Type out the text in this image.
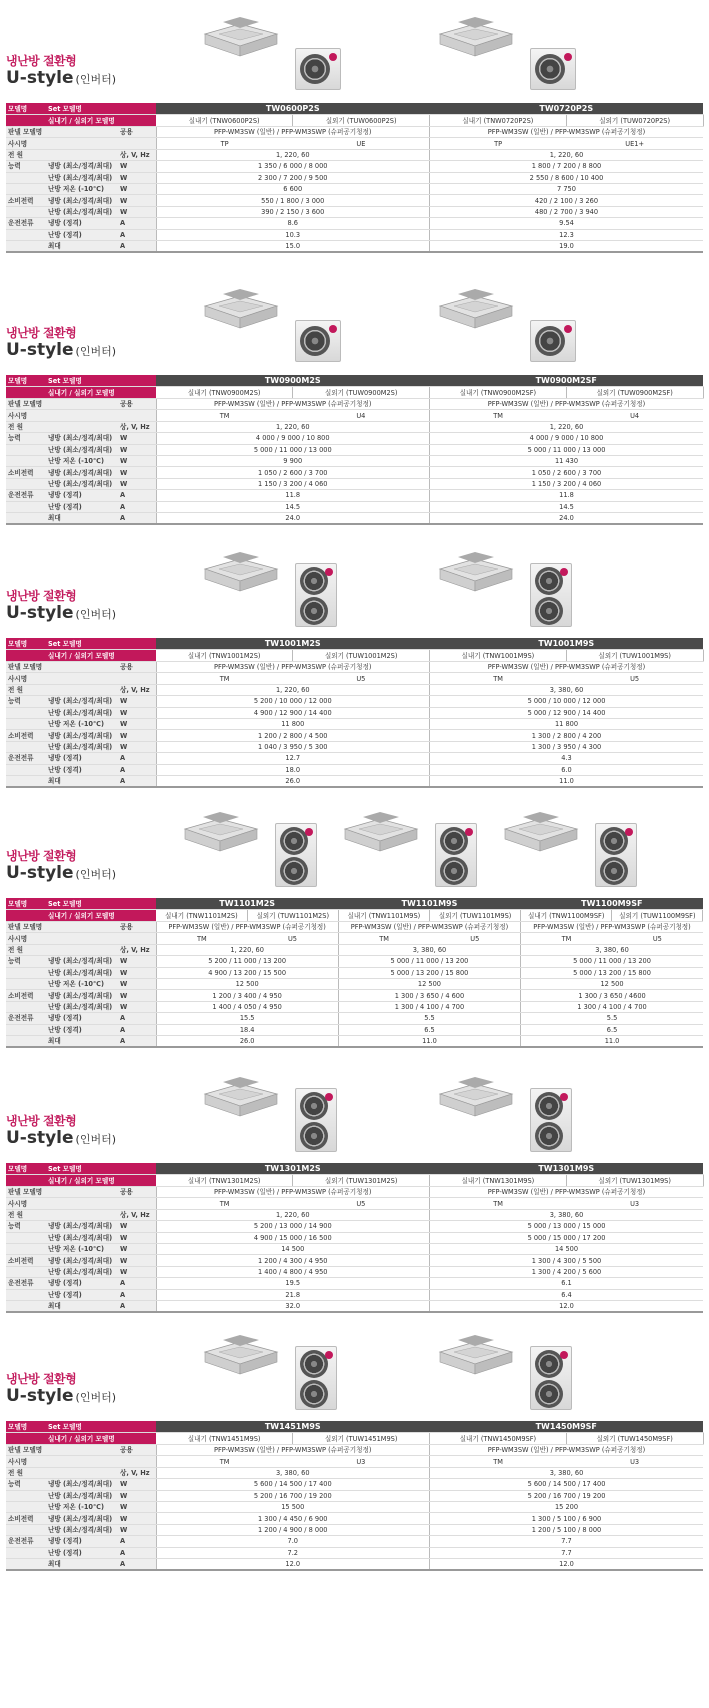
냉난방 절환형
U-style (인버터)
모델명	Set 모델명		TW0600P2S		TW0720P2S	
	실내기 / 실외기 모델명		실내기 (TNW0600P2S)	실외기 (TUW0600P2S)	실내기 (TNW0720P2S)	실외기 (TUW0720P2S)
판넬 모델명		공용	PFP-WM3SW (일반) / PFP-WM3SWP (슈퍼공기청정)		PFP-WM3SW (일반) / PFP-WM3SWP (슈퍼공기청정)	
사시명			TP	UE	TP	UE1+
전 원		상, V, Hz	1, 220, 60		1, 220, 60	
능력	냉방 (최소/정격/최대)	W	1 350 / 6 000 / 8 000		1 800 / 7 200 / 8 800	
	난방 (최소/정격/최대)	W	2 300 / 7 200 / 9 500		2 550 / 8 600 / 10 400	
	난방 저온 (-10℃)	W	6 600		7 750	
소비전력	냉방 (최소/정격/최대)	W	550 / 1 800 / 3 000		420 / 2 100 / 3 260	
	난방 (최소/정격/최대)	W	390 / 2 150 / 3 600		480 / 2 700 / 3 940	
운전전류	냉방 (정격)	A	8.6		9.54	
	난방 (정격)	A	10.3		12.3	
	최대	A	15.0		19.0	
냉난방 절환형
U-style (인버터)
모델명	Set 모델명		TW0900M2S		TW0900M2SF	
	실내기 / 실외기 모델명		실내기 (TNW0900M2S)	실외기 (TUW0900M2S)	실내기 (TNW0900M2SF)	실외기 (TUW0900M2SF)
판넬 모델명		공용	PFP-WM3SW (일반) / PFP-WM3SWP (슈퍼공기청정)		PFP-WM3SW (일반) / PFP-WM3SWP (슈퍼공기청정)	
사시명			TM	U4	TM	U4
전 원		상, V, Hz	1, 220, 60		1, 220, 60	
능력	냉방 (최소/정격/최대)	W	4 000 / 9 000 / 10 800		4 000 / 9 000 / 10 800	
	난방 (최소/정격/최대)	W	5 000 / 11 000 / 13 000		5 000 / 11 000 / 13 000	
	난방 저온 (-10℃)	W	9 900		11 430	
소비전력	냉방 (최소/정격/최대)	W	1 050 / 2 600 / 3 700		1 050 / 2 600 / 3 700	
	난방 (최소/정격/최대)	W	1 150 / 3 200 / 4 060		1 150 / 3 200 / 4 060	
운전전류	냉방 (정격)	A	11.8		11.8	
	난방 (정격)	A	14.5		14.5	
	최대	A	24.0		24.0	
냉난방 절환형
U-style (인버터)
모델명	Set 모델명		TW1001M2S		TW1001M9S	
	실내기 / 실외기 모델명		실내기 (TNW1001M2S)	실외기 (TUW1001M2S)	실내기 (TNW1001M9S)	실외기 (TUW1001M9S)
판넬 모델명		공용	PFP-WM3SW (일반) / PFP-WM3SWP (슈퍼공기청정)		PFP-WM3SW (일반) / PFP-WM3SWP (슈퍼공기청정)	
사시명			TM	U5	TM	U5
전 원		상, V, Hz	1, 220, 60		3, 380, 60	
능력	냉방 (최소/정격/최대)	W	5 200 / 10 000 / 12 000		5 000 / 10 000 / 12 000	
	난방 (최소/정격/최대)	W	4 900 / 12 900 / 14 400		5 000 / 12 900 / 14 400	
	난방 저온 (-10℃)	W	11 800		11 800	
소비전력	냉방 (최소/정격/최대)	W	1 200 / 2 800 / 4 500		1 300 / 2 800 / 4 200	
	난방 (최소/정격/최대)	W	1 040 / 3 950 / 5 300		1 300 / 3 950 / 4 300	
운전전류	냉방 (정격)	A	12.7		4.3	
	난방 (정격)	A	18.0		6.0	
	최대	A	26.0		11.0	
냉난방 절환형
U-style (인버터)
모델명	Set 모델명		TW1101M2S		TW1101M9S		TW1100M9SF	
	실내기 / 실외기 모델명		실내기 (TNW1101M2S)	실외기 (TUW1101M2S)	실내기 (TNW1101M9S)	실외기 (TUW1101M9S)	실내기 (TNW1100M9SF)	실외기 (TUW1100M9SF)
판넬 모델명		공용	PFP-WM3SW (일반) / PFP-WM3SWP (슈퍼공기청정)		PFP-WM3SW (일반) / PFP-WM3SWP (슈퍼공기청정)		PFP-WM3SW (일반) / PFP-WM3SWP (슈퍼공기청정)	
사시명			TM	U5	TM	U5	TM	U5
전 원		상, V, Hz	1, 220, 60		3, 380, 60		3, 380, 60	
능력	냉방 (최소/정격/최대)	W	5 200 / 11 000 / 13 200		5 000 / 11 000 / 13 200		5 000 / 11 000 / 13 200	
	난방 (최소/정격/최대)	W	4 900 / 13 200 / 15 500		5 000 / 13 200 / 15 800		5 000 / 13 200 / 15 800	
	난방 저온 (-10℃)	W	12 500		12 500		12 500	
소비전력	냉방 (최소/정격/최대)	W	1 200 / 3 400 / 4 950		1 300 / 3 650 / 4 600		1 300 / 3 650 / 4600	
	난방 (최소/정격/최대)	W	1 400 / 4 050 / 4 950		1 300 / 4 100 / 4 700		1 300 / 4 100 / 4 700	
운전전류	냉방 (정격)	A	15.5		5.5		5.5	
	난방 (정격)	A	18.4		6.5		6.5	
	최대	A	26.0		11.0		11.0	
냉난방 절환형
U-style (인버터)
모델명	Set 모델명		TW1301M2S		TW1301M9S	
	실내기 / 실외기 모델명		실내기 (TNW1301M2S)	실외기 (TUW1301M2S)	실내기 (TNW1301M9S)	실외기 (TUW1301M9S)
판넬 모델명		공용	PFP-WM3SW (일반) / PFP-WM3SWP (슈퍼공기청정)		PFP-WM3SW (일반) / PFP-WM3SWP (슈퍼공기청정)	
사시명			TM	U5	TM	U3
전 원		상, V, Hz	1, 220, 60		3, 380, 60	
능력	냉방 (최소/정격/최대)	W	5 200 / 13 000 / 14 900		5 000 / 13 000 / 15 000	
	난방 (최소/정격/최대)	W	4 900 / 15 000 / 16 500		5 000 / 15 000 / 17 200	
	난방 저온 (-10℃)	W	14 500		14 500	
소비전력	냉방 (최소/정격/최대)	W	1 200 / 4 300 / 4 950		1 300 / 4 300 / 5 500	
	난방 (최소/정격/최대)	W	1 400 / 4 800 / 4 950		1 300 / 4 200 / 5 600	
운전전류	냉방 (정격)	A	19.5		6.1	
	난방 (정격)	A	21.8		6.4	
	최대	A	32.0		12.0	
냉난방 절환형
U-style (인버터)
모델명	Set 모델명		TW1451M9S		TW1450M9SF	
	실내기 / 실외기 모델명		실내기 (TNW1451M9S)	실외기 (TUW1451M9S)	실내기 (TNW1450M9SF)	실외기 (TUW1450M9SF)
판넬 모델명		공용	PFP-WM3SW (일반) / PFP-WM3SWP (슈퍼공기청정)		PFP-WM3SW (일반) / PFP-WM3SWP (슈퍼공기청정)	
사시명			TM	U3	TM	U3
전 원		상, V, Hz	3, 380, 60		3, 380, 60	
능력	냉방 (최소/정격/최대)	W	5 600 / 14 500 / 17 400		5 600 / 14 500 / 17 400	
	난방 (최소/정격/최대)	W	5 200 / 16 700 / 19 200		5 200 / 16 700 / 19 200	
	난방 저온 (-10℃)	W	15 500		15 200	
소비전력	냉방 (최소/정격/최대)	W	1 300 / 4 450 / 6 900		1 300 / 5 100 / 6 900	
	난방 (최소/정격/최대)	W	1 200 / 4 900 / 8 000		1 200 / 5 100 / 8 000	
운전전류	냉방 (정격)	A	7.0		7.7	
	난방 (정격)	A	7.2		7.7	
	최대	A	12.0		12.0	
